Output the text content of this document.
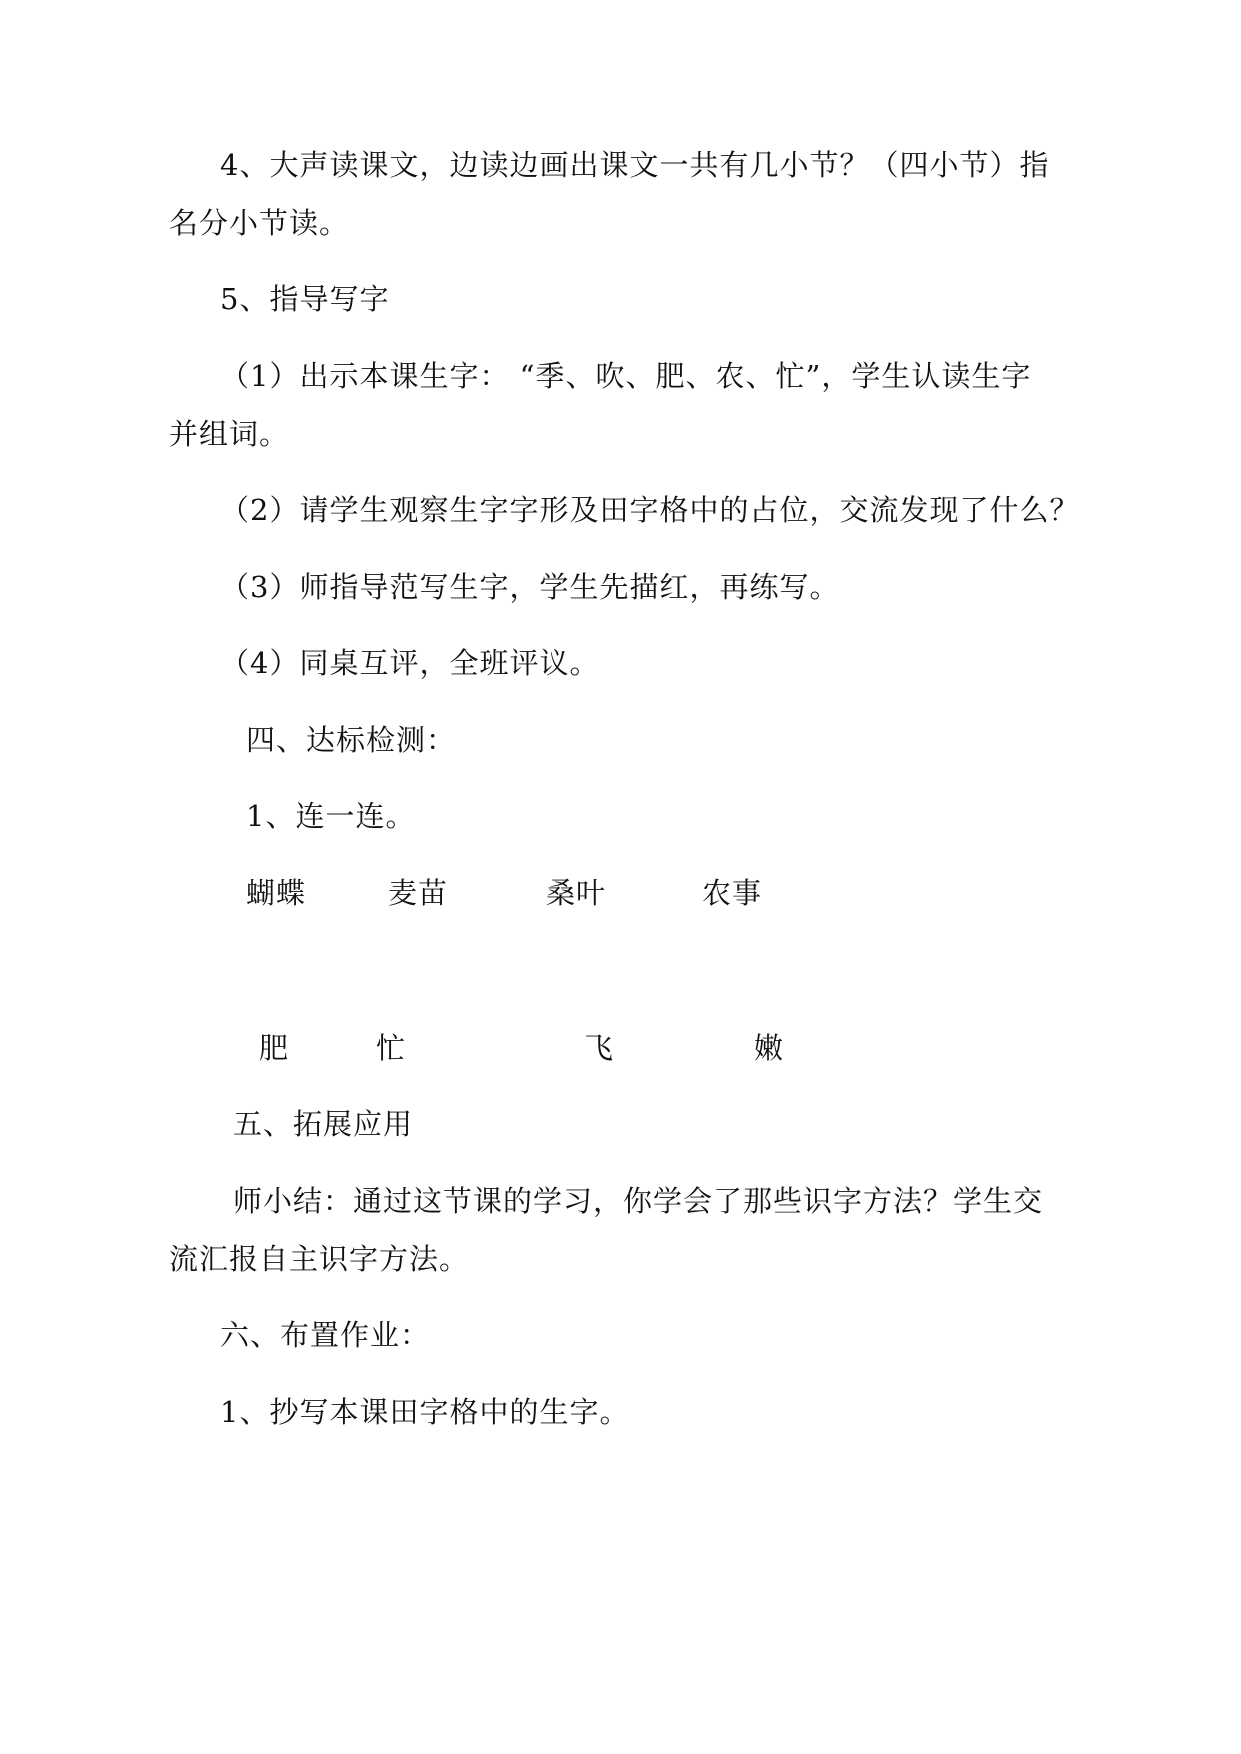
4、大声读课文，边读边画出课文一共有几小节？（四小节）指
名分小节读。
5、指导写字
（1）出示本课生字： “季、吹、肥、农、忙”，学生认读生字
并组词。
（2）请学生观察生字字形及田字格中的占位，交流发现了什么？
（3）师指导范写生字，学生先描红，再练写。
（4）同桌互评，全班评议。
四、达标检测：
1、连一连。
蝴蝶	麦苗	桑叶	农事
肥	忙	飞	嫩
五、拓展应用
师小结：通过这节课的学习，你学会了那些识字方法？学生交
流汇报自主识字方法。
六、布置作业：
1、抄写本课田字格中的生字。
